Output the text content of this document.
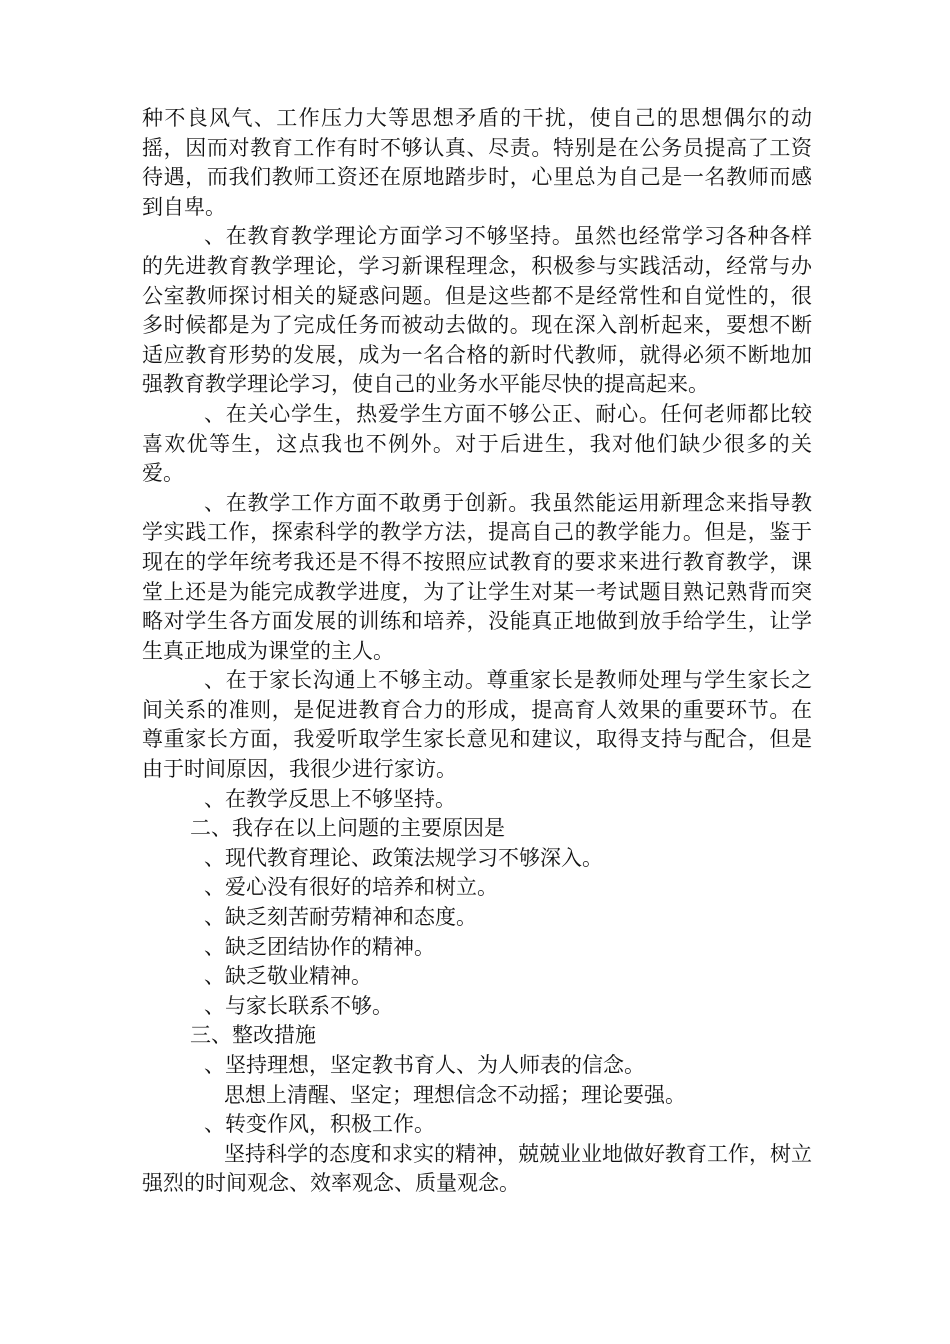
种不良风气、工作压力大等思想矛盾的干扰，使自己的思想偶尔的动摇，因而对教育工作有时不够认真、尽责。特别是在公务员提高了工资待遇，而我们教师工资还在原地踏步时，心里总为自己是一名教师而感到自卑。

、在教育教学理论方面学习不够坚持。虽然也经常学习各种各样的先进教育教学理论，学习新课程理念，积极参与实践活动，经常与办公室教师探讨相关的疑惑问题。但是这些都不是经常性和自觉性的，很多时候都是为了完成任务而被动去做的。现在深入剖析起来，要想不断适应教育形势的发展，成为一名合格的新时代教师，就得必须不断地加强教育教学理论学习，使自己的业务水平能尽快的提高起来。

、在关心学生，热爱学生方面不够公正、耐心。任何老师都比较喜欢优等生，这点我也不例外。对于后进生，我对他们缺少很多的关爱。

、在教学工作方面不敢勇于创新。我虽然能运用新理念来指导教学实践工作，探索科学的教学方法，提高自己的教学能力。但是，鉴于现在的学年统考我还是不得不按照应试教育的要求来进行教育教学，课堂上还是为能完成教学进度，为了让学生对某一考试题目熟记熟背而突略对学生各方面发展的训练和培养，没能真正地做到放手给学生，让学生真正地成为课堂的主人。

、在于家长沟通上不够主动。尊重家长是教师处理与学生家长之间关系的准则，是促进教育合力的形成，提高育人效果的重要环节。在尊重家长方面，我爱听取学生家长意见和建议，取得支持与配合，但是由于时间原因，我很少进行家访。

、在教学反思上不够坚持。

二、我存在以上问题的主要原因是

、现代教育理论、政策法规学习不够深入。

、爱心没有很好的培养和树立。

、缺乏刻苦耐劳精神和态度。

、缺乏团结协作的精神。

、缺乏敬业精神。

、与家长联系不够。

三、整改措施

、坚持理想，坚定教书育人、为人师表的信念。

思想上清醒、坚定；理想信念不动摇；理论要强。

、转变作风，积极工作。

坚持科学的态度和求实的精神，兢兢业业地做好教育工作，树立强烈的时间观念、效率观念、质量观念。
